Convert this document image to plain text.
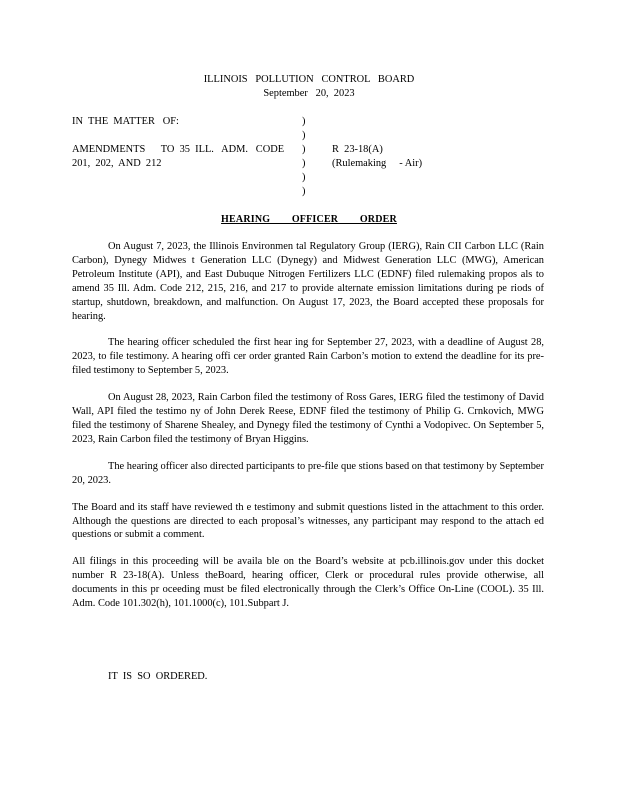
ILLINOIS   POLLUTION   CONTROL   BOARD
September   20,  2023
IN  THE  MATTER   OF:
AMENDMENTS      TO  35  ILL.   ADM.   CODE
201,  202,  AND  212
)
)
)
)
)
)
R  23-18(A)
(Rulemaking     - Air)
HEARING        OFFICER        ORDER

On August 7, 2023, the Illinois Environmen tal Regulatory Group (IERG), Rain CII Carbon LLC (Rain Carbon), Dynegy Midwes t Generation LLC (Dynegy) and Midwest Generation LLC (MWG), American Petroleum Institute (API), and East Dubuque Nitrogen Fertilizers LLC (EDNF) filed rulemaking propos als to amend 35 Ill. Adm. Code 212, 215, 216, and 217 to provide alternate emission limitations during pe riods of startup, shutdown, breakdown, and malfunction. On August 17, 2023, the Board accepted these proposals for hearing.

The hearing officer scheduled the first hear ing for September 27, 2023, with a deadline of August 28, 2023, to file testimony. A hearing offi cer order granted Rain Carbon’s motion to extend the deadline for its pre-filed testimony to September 5, 2023.

On August 28, 2023, Rain Carbon filed the testimony of Ross Gares, IERG filed the testimony of David Wall, API filed the testimo ny of John Derek Reese, EDNF filed the testimony of Philip G. Crnkovich, MWG filed the testimony of Sharene Shealey, and Dynegy filed the testimony of Cynthi a Vodopivec. On September 5, 2023, Rain Carbon filed the testimony of Bryan Higgins.

The hearing officer also directed participants to pre-file que stions based on that testimony by September 20, 2023.

The Board and its staff have reviewed th e testimony and submit questions listed in the attachment to this order. Although the questions are directed to each proposal’s witnesses, any participant may respond to the attach ed questions or submit a comment.

All filings in this proceeding will be availa ble on the Board’s website at pcb.illinois.gov under this docket number R 23-18(A). Unless theBoard, hearing officer, Clerk or procedural rules provide otherwise, all documents in this pr oceeding must be filed electronically through the Clerk’s Office On-Line (COOL). 35 Ill. Adm. Code 101.302(h), 101.1000(c), 101.Subpart J.

IT  IS  SO  ORDERED.
